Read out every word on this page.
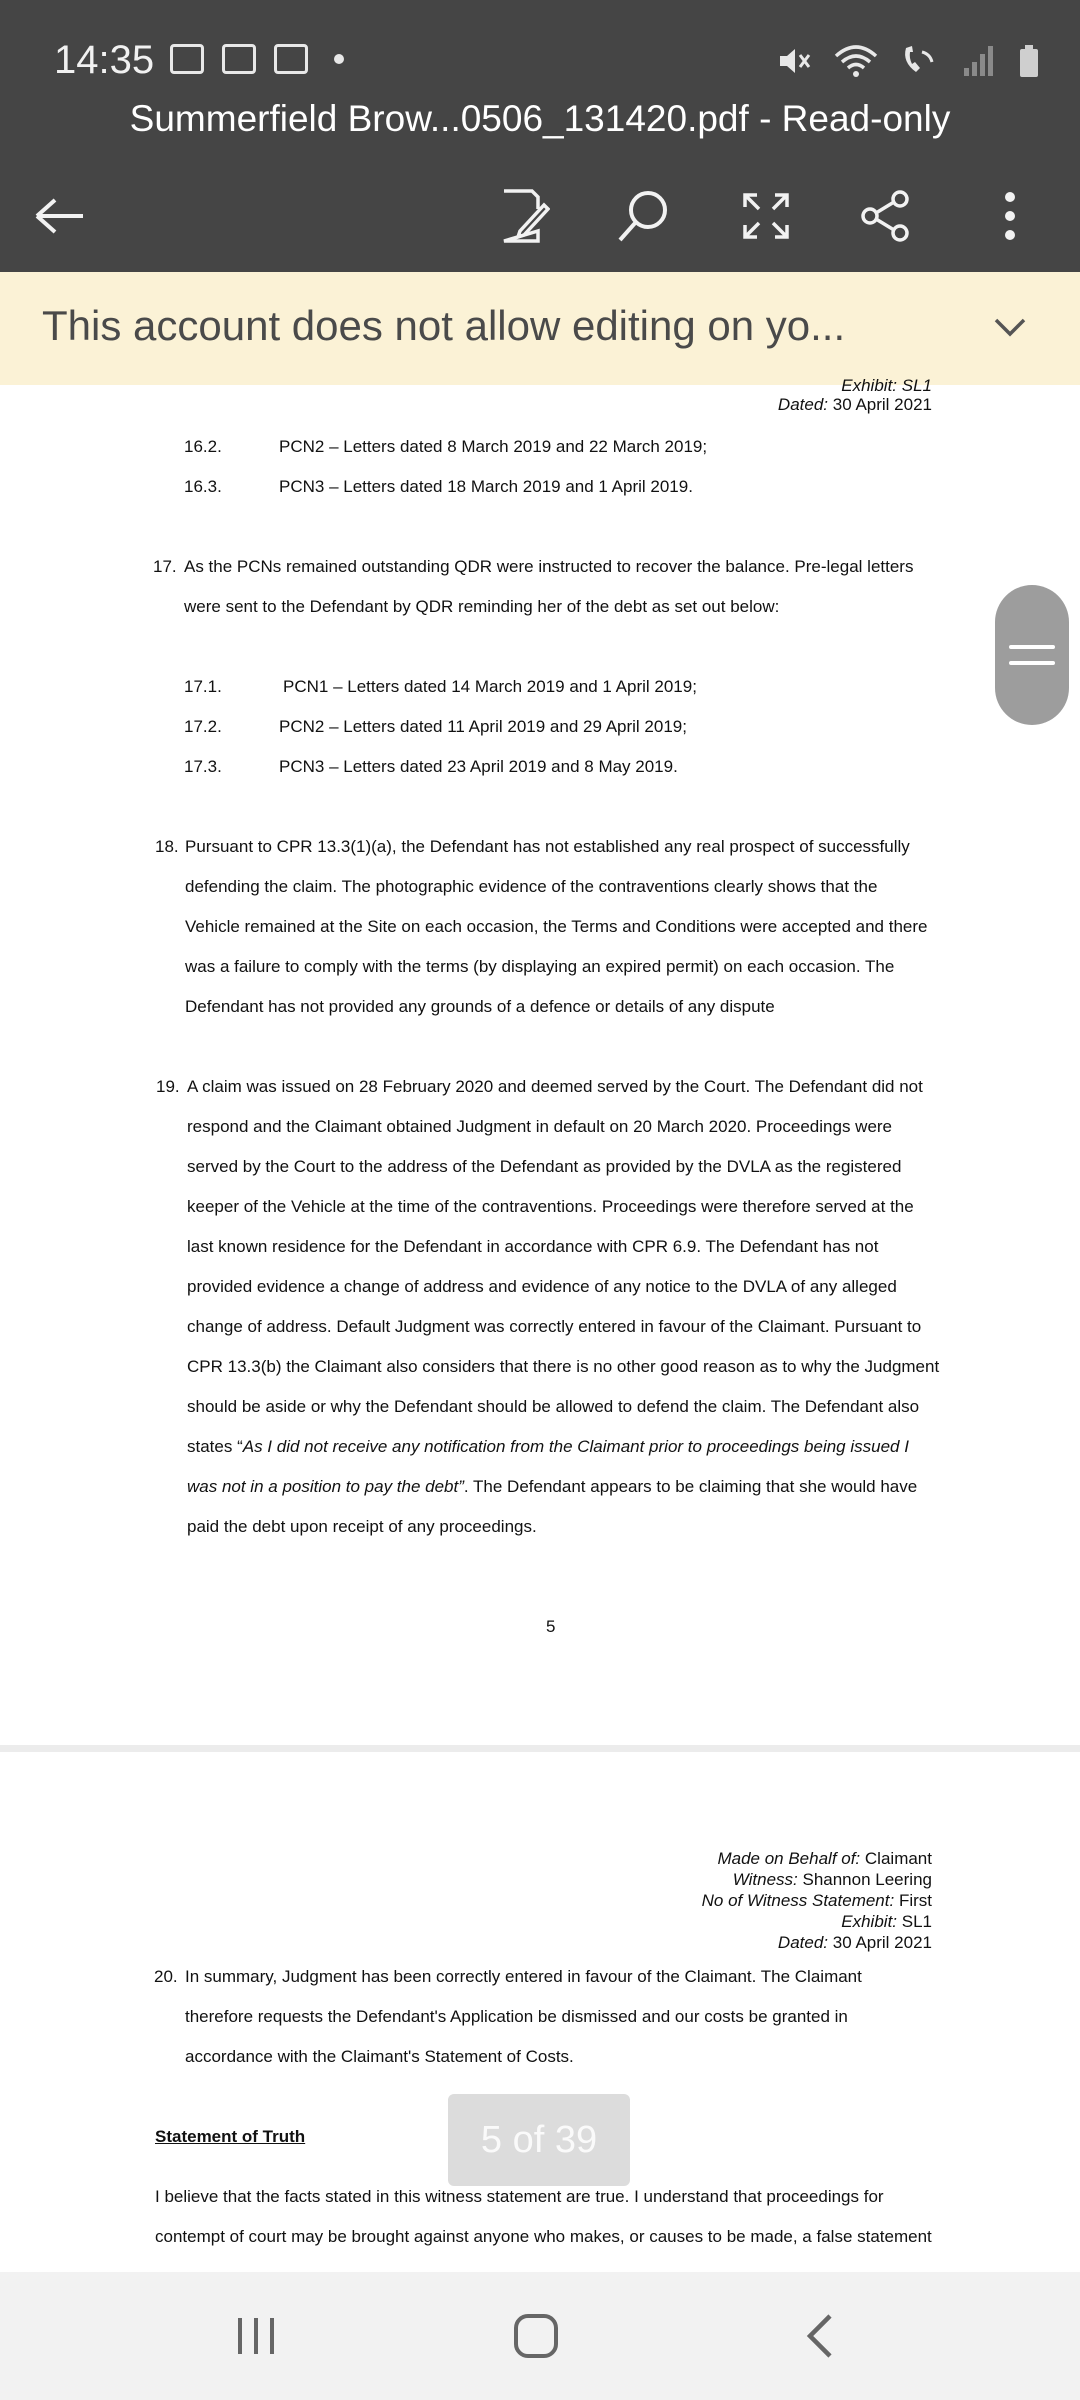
14:35
Summerfield Brow...0506_131420.pdf - Read-only
This account does not allow editing on yo...
Exhibit: SL1
Dated: 30 April 2021
16.2.	PCN2 – Letters dated 8 March 2019 and 22 March 2019;
16.3.	PCN3 – Letters dated 18 March 2019 and 1 April 2019.
17. As the PCNs remained outstanding QDR were instructed to recover the balance. Pre-legal letters
were sent to the Defendant by QDR reminding her of the debt as set out below:
17.1.	PCN1 – Letters dated 14 March 2019 and 1 April 2019;
17.2.	PCN2 – Letters dated 11 April 2019 and 29 April 2019;
17.3.	PCN3 – Letters dated 23 April 2019 and 8 May 2019.
18. Pursuant to CPR 13.3(1)(a), the Defendant has not established any real prospect of successfully
defending the claim. The photographic evidence of the contraventions clearly shows that the
Vehicle remained at the Site on each occasion, the Terms and Conditions were accepted and there
was a failure to comply with the terms (by displaying an expired permit) on each occasion. The
Defendant has not provided any grounds of a defence or details of any dispute
19. A claim was issued on 28 February 2020 and deemed served by the Court. The Defendant did not
respond and the Claimant obtained Judgment in default on 20 March 2020. Proceedings were
served by the Court to the address of the Defendant as provided by the DVLA as the registered
keeper of the Vehicle at the time of the contraventions. Proceedings were therefore served at the
last known residence for the Defendant in accordance with CPR 6.9. The Defendant has not
provided evidence a change of address and evidence of any notice to the DVLA of any alleged
change of address. Default Judgment was correctly entered in favour of the Claimant. Pursuant to
CPR 13.3(b) the Claimant also considers that there is no other good reason as to why the Judgment
should be aside or why the Defendant should be allowed to defend the claim. The Defendant also
states “As I did not receive any notification from the Claimant prior to proceedings being issued I
was not in a position to pay the debt”. The Defendant appears to be claiming that she would have
paid the debt upon receipt of any proceedings.
5
Made on Behalf of: Claimant
Witness: Shannon Leering
No of Witness Statement: First
Exhibit: SL1
Dated: 30 April 2021
20. In summary, Judgment has been correctly entered in favour of the Claimant. The Claimant
therefore requests the Defendant's Application be dismissed and our costs be granted in
accordance with the Claimant's Statement of Costs.
Statement of Truth
I believe that the facts stated in this witness statement are true. I understand that proceedings for
contempt of court may be brought against anyone who makes, or causes to be made, a false statement
5 of 39
